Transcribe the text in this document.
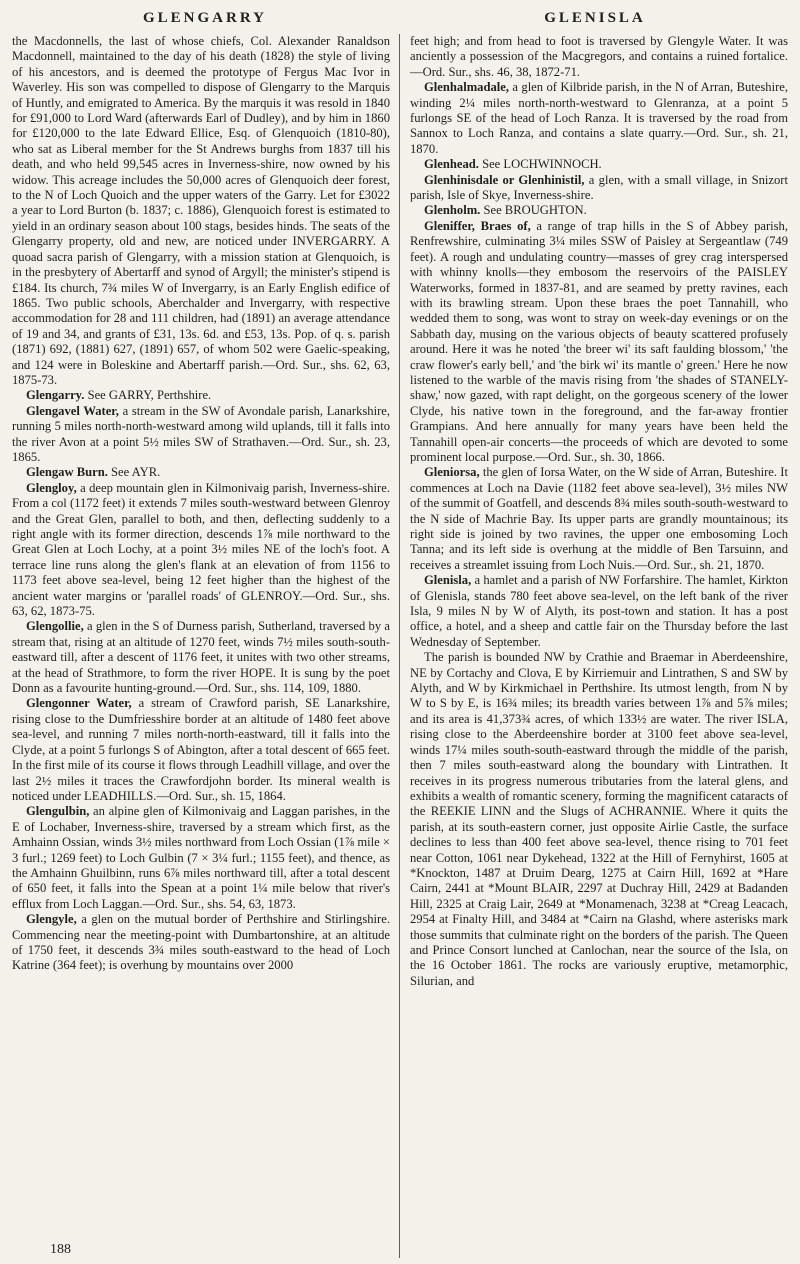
GLENGARRY	GLENISLA

the Macdonnells, the last of whose chiefs, Col. Alexander Ranaldson Macdonnell, maintained to the day of his death (1828) the style of living of his ancestors, and is deemed the prototype of Fergus Mac Ivor in Waverley. His son was compelled to dispose of Glengarry to the Marquis of Huntly, and emigrated to America. By the marquis it was resold in 1840 for £91,000 to Lord Ward (afterwards Earl of Dudley), and by him in 1860 for £120,000 to the late Edward Ellice, Esq. of Glenquoich (1810-80), who sat as Liberal member for the St Andrews burghs from 1837 till his death, and who held 99,545 acres in Inverness-shire, now owned by his widow. This acreage includes the 50,000 acres of Glenquoich deer forest, to the N of Loch Quoich and the upper waters of the Garry. Let for £3022 a year to Lord Burton (b. 1837; c. 1886), Glenquoich forest is estimated to yield in an ordinary season about 100 stags, besides hinds. The seats of the Glengarry property, old and new, are noticed under INVERGARRY. A quoad sacra parish of Glengarry, with a mission station at Glenquoich, is in the presbytery of Abertarff and synod of Argyll; the minister's stipend is £184. Its church, 7¾ miles W of Invergarry, is an Early English edifice of 1865. Two public schools, Aberchalder and Invergarry, with respective accommodation for 28 and 111 children, had (1891) an average attendance of 19 and 34, and grants of £31, 13s. 6d. and £53, 13s. Pop. of q. s. parish (1871) 692, (1881) 627, (1891) 657, of whom 502 were Gaelic-speaking, and 124 were in Boleskine and Abertarff parish.—Ord. Sur., shs. 62, 63, 1875-73.

Glengarry. See GARRY, Perthshire.

Glengavel Water, a stream in the SW of Avondale parish, Lanarkshire, running 5 miles north-north-westward among wild uplands, till it falls into the river Avon at a point 5½ miles SW of Strathaven.—Ord. Sur., sh. 23, 1865.

Glengaw Burn. See AYR.

Glengloy, a deep mountain glen in Kilmonivaig parish, Inverness-shire. From a col (1172 feet) it extends 7 miles south-westward between Glenroy and the Great Glen, parallel to both, and then, deflecting suddenly to a right angle with its former direction, descends 1⅞ mile northward to the Great Glen at Loch Lochy, at a point 3½ miles NE of the loch's foot. A terrace line runs along the glen's flank at an elevation of from 1156 to 1173 feet above sea-level, being 12 feet higher than the highest of the ancient water margins or 'parallel roads' of GLENROY.—Ord. Sur., shs. 63, 62, 1873-75.

Glengollie, a glen in the S of Durness parish, Sutherland, traversed by a stream that, rising at an altitude of 1270 feet, winds 7½ miles south-south-eastward till, after a descent of 1176 feet, it unites with two other streams, at the head of Strathmore, to form the river HOPE. It is sung by the poet Donn as a favourite hunting-ground.—Ord. Sur., shs. 114, 109, 1880.

Glengonner Water, a stream of Crawford parish, SE Lanarkshire, rising close to the Dumfriesshire border at an altitude of 1480 feet above sea-level, and running 7 miles north-north-eastward, till it falls into the Clyde, at a point 5 furlongs S of Abington, after a total descent of 665 feet. In the first mile of its course it flows through Leadhill village, and over the last 2½ miles it traces the Crawfordjohn border. Its mineral wealth is noticed under LEADHILLS.—Ord. Sur., sh. 15, 1864.

Glengulbin, an alpine glen of Kilmonivaig and Laggan parishes, in the E of Lochaber, Inverness-shire, traversed by a stream which first, as the Amhainn Ossian, winds 3½ miles northward from Loch Ossian (1⅞ mile × 3 furl.; 1269 feet) to Loch Gulbin (7 × 3¼ furl.; 1155 feet), and thence, as the Amhainn Ghuilbinn, runs 6⅞ miles northward till, after a total descent of 650 feet, it falls into the Spean at a point 1¼ mile below that river's efflux from Loch Laggan.—Ord. Sur., shs. 54, 63, 1873.

Glengyle, a glen on the mutual border of Perthshire and Stirlingshire. Commencing near the meeting-point with Dumbartonshire, at an altitude of 1750 feet, it descends 3¾ miles south-eastward to the head of Loch Katrine (364 feet); is overhung by mountains over 2000

feet high; and from head to foot is traversed by Glengyle Water. It was anciently a possession of the Macgregors, and contains a ruined fortalice.—Ord. Sur., shs. 46, 38, 1872-71.

Glenhalmadale, a glen of Kilbride parish, in the N of Arran, Buteshire, winding 2¼ miles north-north-westward to Glenranza, at a point 5 furlongs SE of the head of Loch Ranza. It is traversed by the road from Sannox to Loch Ranza, and contains a slate quarry.—Ord. Sur., sh. 21, 1870.

Glenhead. See LOCHWINNOCH.

Glenhinisdale or Glenhinistil, a glen, with a small village, in Snizort parish, Isle of Skye, Inverness-shire.

Glenholm. See BROUGHTON.

Gleniffer, Braes of, a range of trap hills in the S of Abbey parish, Renfrewshire, culminating 3¼ miles SSW of Paisley at Sergeantlaw (749 feet). A rough and undulating country—masses of grey crag interspersed with whinny knolls—they embosom the reservoirs of the PAISLEY Waterworks, formed in 1837-81, and are seamed by pretty ravines, each with its brawling stream. Upon these braes the poet Tannahill, who wedded them to song, was wont to stray on week-day evenings or on the Sabbath day, musing on the various objects of beauty scattered profusely around. Here it was he noted 'the breer wi' its saft faulding blossom,' 'the craw flower's early bell,' and 'the birk wi' its mantle o' green.' Here he now listened to the warble of the mavis rising from 'the shades of STANELY-shaw,' now gazed, with rapt delight, on the gorgeous scenery of the lower Clyde, his native town in the foreground, and the far-away frontier Grampians. And here annually for many years have been held the Tannahill open-air concerts—the proceeds of which are devoted to some prominent local purpose.—Ord. Sur., sh. 30, 1866.

Gleniorsa, the glen of Iorsa Water, on the W side of Arran, Buteshire. It commences at Loch na Davie (1182 feet above sea-level), 3½ miles NW of the summit of Goatfell, and descends 8¾ miles south-south-westward to the N side of Machrie Bay. Its upper parts are grandly mountainous; its right side is joined by two ravines, the upper one embosoming Loch Tanna; and its left side is overhung at the middle of Ben Tarsuinn, and receives a streamlet issuing from Loch Nuis.—Ord. Sur., sh. 21, 1870.

Glenisla, a hamlet and a parish of NW Forfarshire. The hamlet, Kirkton of Glenisla, stands 780 feet above sea-level, on the left bank of the river Isla, 9 miles N by W of Alyth, its post-town and station. It has a post office, a hotel, and a sheep and cattle fair on the Thursday before the last Wednesday of September.

The parish is bounded NW by Crathie and Braemar in Aberdeenshire, NE by Cortachy and Clova, E by Kirriemuir and Lintrathen, S and SW by Alyth, and W by Kirkmichael in Perthshire. Its utmost length, from N by W to S by E, is 16¾ miles; its breadth varies between 1⅞ and 5⅞ miles; and its area is 41,373¾ acres, of which 133½ are water. The river ISLA, rising close to the Aberdeenshire border at 3100 feet above sea-level, winds 17¼ miles south-south-eastward through the middle of the parish, then 7 miles south-eastward along the boundary with Lintrathen. It receives in its progress numerous tributaries from the lateral glens, and exhibits a wealth of romantic scenery, forming the magnificent cataracts of the REEKIE LINN and the Slugs of ACHRANNIE. Where it quits the parish, at its south-eastern corner, just opposite Airlie Castle, the surface declines to less than 400 feet above sea-level, thence rising to 701 feet near Cotton, 1061 near Dykehead, 1322 at the Hill of Fernyhirst, 1605 at *Knockton, 1487 at Druim Dearg, 1275 at Cairn Hill, 1692 at *Hare Cairn, 2441 at *Mount BLAIR, 2297 at Duchray Hill, 2429 at Badanden Hill, 2325 at Craig Lair, 2649 at *Monamenach, 3238 at *Creag Leacach, 2954 at Finalty Hill, and 3484 at *Cairn na Glashd, where asterisks mark those summits that culminate right on the borders of the parish. The Queen and Prince Consort lunched at Canlochan, near the source of the Isla, on the 16 October 1861. The rocks are variously eruptive, metamorphic, Silurian, and

188
